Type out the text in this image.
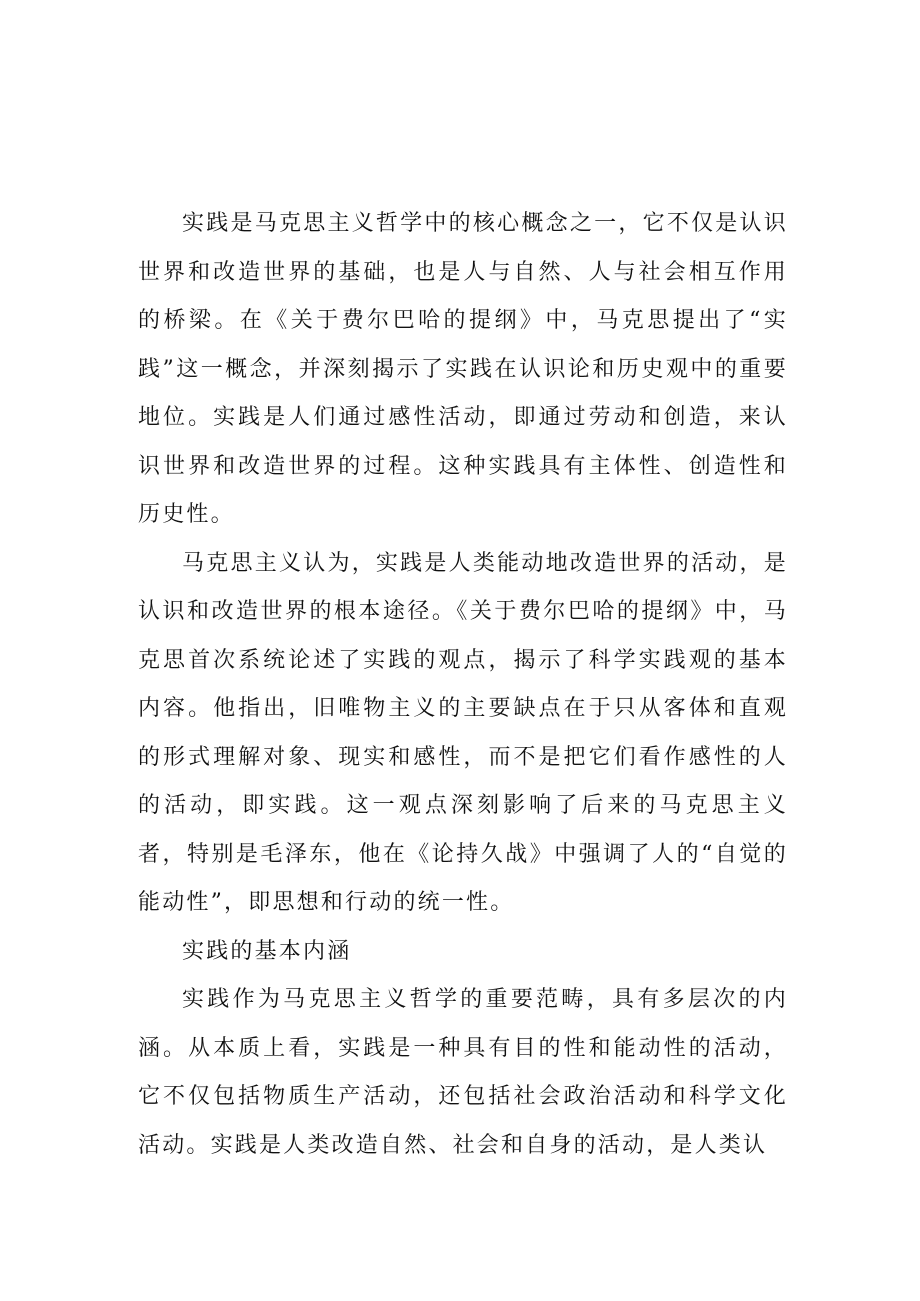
实践是马克思主义哲学中的核心概念之一，它不仅是认识世界和改造世界的基础，也是人与自然、人与社会相互作用的桥梁。在《关于费尔巴哈的提纲》中，马克思提出了“实践”这一概念，并深刻揭示了实践在认识论和历史观中的重要地位。实践是人们通过感性活动，即通过劳动和创造，来认识世界和改造世界的过程。这种实践具有主体性、创造性和历史性。

马克思主义认为，实践是人类能动地改造世界的活动，是认识和改造世界的根本途径。《关于费尔巴哈的提纲》中，马克思首次系统论述了实践的观点，揭示了科学实践观的基本内容。他指出，旧唯物主义的主要缺点在于只从客体和直观的形式理解对象、现实和感性，而不是把它们看作感性的人的活动，即实践。这一观点深刻影响了后来的马克思主义者，特别是毛泽东，他在《论持久战》中强调了人的“自觉的能动性”，即思想和行动的统一性。

实践的基本内涵

实践作为马克思主义哲学的重要范畴，具有多层次的内涵。从本质上看，实践是一种具有目的性和能动性的活动，它不仅包括物质生产活动，还包括社会政治活动和科学文化活动。实践是人类改造自然、社会和自身的活动，是人类认
